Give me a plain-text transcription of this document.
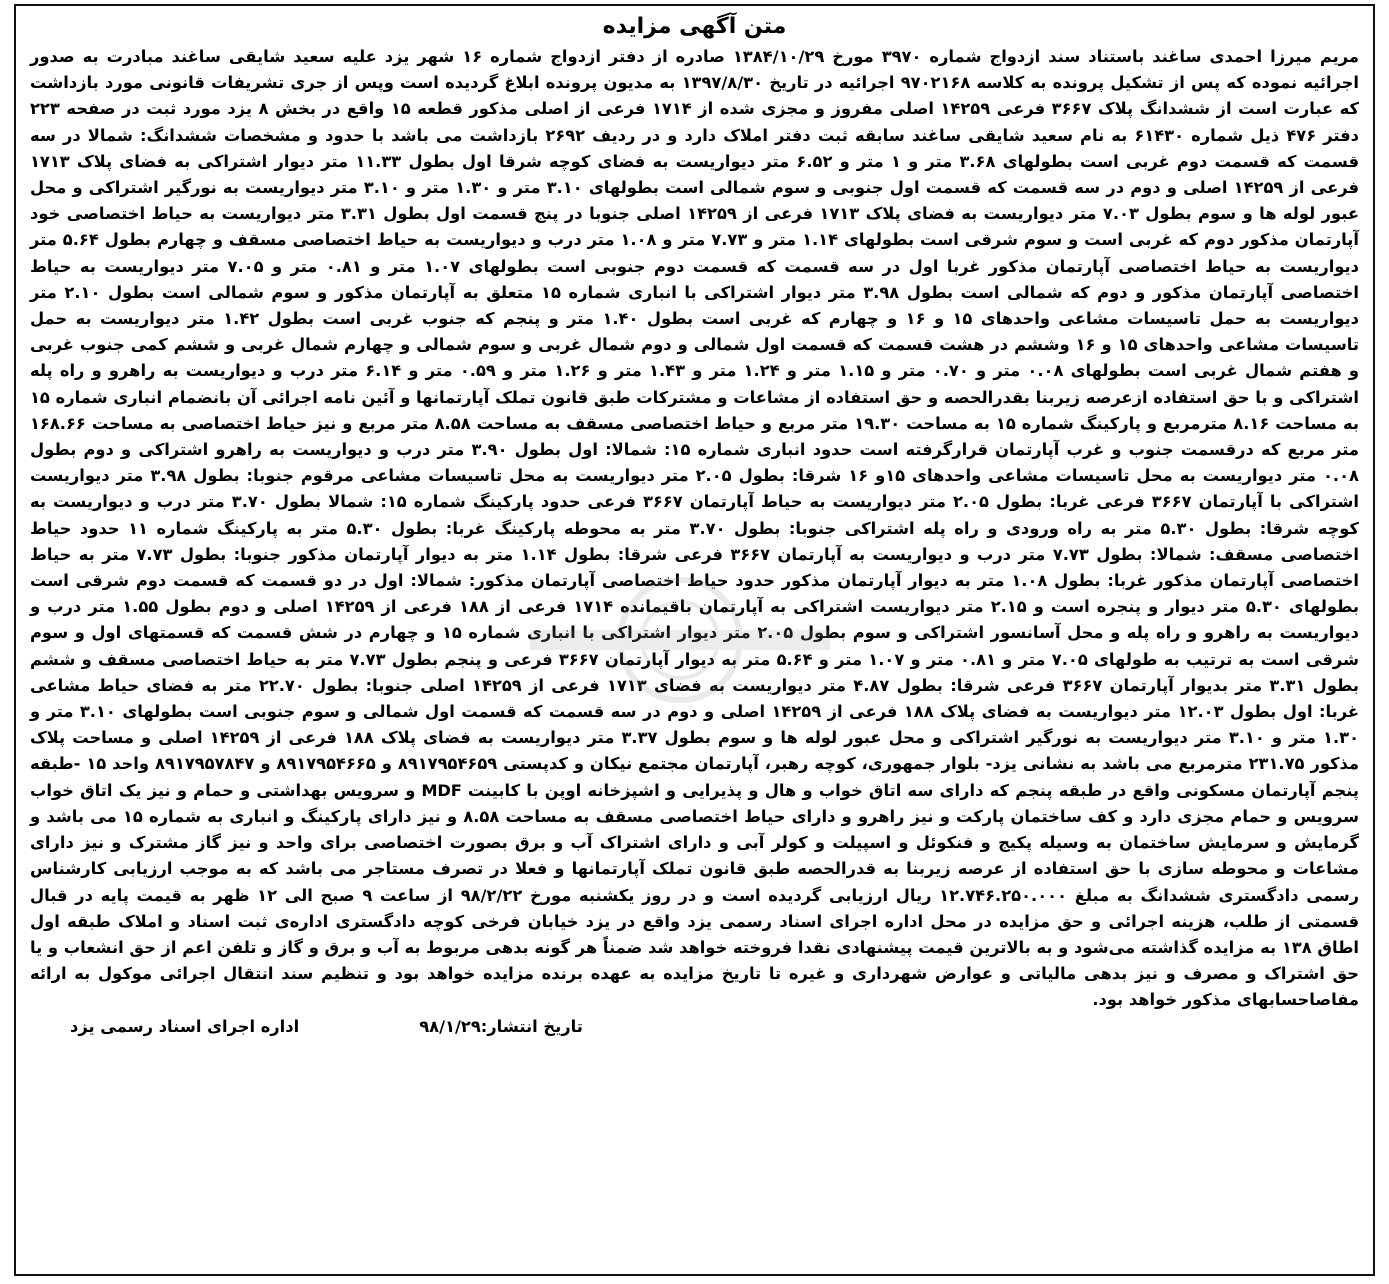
متن آگهی مزایده

مریم میرزا احمدی ساغند باستناد سند ازدواج شماره ۳۹۷۰ مورخ ۱۳۸۴/۱۰/۲۹ صادره از دفتر ازدواج شماره ۱۶ شهر یزد علیه سعید شایقی ساغند مبادرت به صدور اجرائیه نموده که پس از تشکیل پرونده به کلاسه ۹۷۰۲۱۶۸ اجرائیه در تاریخ ۱۳۹۷/۸/۳۰ به مدیون پرونده ابلاغ گردیده است وپس از جری تشریفات قانونی مورد بازداشت که عبارت است از ششدانگ پلاک ۳۶۶۷ فرعی ۱۴۲۵۹ اصلی مفروز و مجزی شده از ۱۷۱۴ فرعی از اصلی مذکور قطعه ۱۵ واقع در بخش ۸ یزد مورد ثبت در صفحه ۲۲۳ دفتر ۴۷۶ ذیل شماره ۶۱۴۳۰ به نام سعید شایقی ساغند سابقه ثبت دفتر املاک دارد و در ردیف ۲۶۹۲ بازداشت می باشد با حدود و مشخصات ششدانگ: شمالا در سه قسمت که قسمت دوم غربی است بطولهای ۳.۶۸ متر و ۱ متر و ۶.۵۲ متر دیواریست به فضای کوچه شرقا اول بطول ۱۱.۳۳ متر دیوار اشتراکی به فضای پلاک ۱۷۱۳ فرعی از ۱۴۲۵۹ اصلی و دوم در سه قسمت که قسمت اول جنوبی و سوم شمالی است بطولهای ۳.۱۰ متر و ۱.۳۰ متر و ۳.۱۰ متر دیواریست به نورگیر اشتراکی و محل عبور لوله ها و سوم بطول ۷.۰۳ متر دیواریست به فضای پلاک ۱۷۱۳ فرعی از ۱۴۲۵۹ اصلی جنوبا در پنج قسمت اول بطول ۳.۳۱ متر دیواریست به حیاط اختصاصی خود آپارتمان مذکور دوم که غربی است و سوم شرقی است بطولهای ۱.۱۴ متر و ۷.۷۳ متر و ۱.۰۸ متر درب و دیواریست به حیاط اختصاصی مسقف و چهارم بطول ۵.۶۴ متر دیواریست به حیاط اختصاصی آپارتمان مذکور غربا اول در سه قسمت که قسمت دوم جنوبی است بطولهای ۱.۰۷ متر و ۰.۸۱ متر و ۷.۰۵ متر دیواریست به حیاط اختصاصی آپارتمان مذکور و دوم که شمالی است بطول ۳.۹۸ متر دیوار اشتراکی با انباری شماره ۱۵ متعلق به آپارتمان مذکور و سوم شمالی است بطول ۲.۱۰ متر دیواریست به حمل تاسیسات مشاعی واحدهای ۱۵ و ۱۶ و چهارم که غربی است بطول ۱.۴۰ متر و پنجم که جنوب غربی است بطول ۱.۴۲ متر دیواریست به حمل تاسیسات مشاعی واحدهای ۱۵ و ۱۶ وششم در هشت قسمت که قسمت اول شمالی و دوم شمال غربی و سوم شمالی و چهارم شمال غربی و ششم کمی جنوب غربی و هفتم شمال غربی است بطولهای ۰.۰۸ متر و ۰.۷۰ متر و ۱.۱۵ متر و ۱.۲۴ متر و ۱.۴۳ متر و ۱.۲۶ متر و ۰.۵۹ متر و ۶.۱۴ متر درب و دیواریست به راهرو و راه پله اشتراکی و با حق استفاده ازعرصه زیربنا بقدرالحصه و حق استفاده از مشاعات و مشترکات طبق قانون تملک آپارتمانها و آئین نامه اجرائی آن بانضمام انباری شماره ۱۵ به مساحت ۸.۱۶ مترمربع و پارکینگ شماره ۱۵ به مساحت ۱۹.۳۰ متر مربع و حیاط اختصاصی مسقف به مساحت ۸.۵۸ متر مربع و نیز حیاط اختصاصی به مساحت ۱۶۸.۶۶ متر مربع که درقسمت جنوب و غرب آپارتمان قرارگرفته است حدود انباری شماره ۱۵: شمالا: اول بطول ۳.۹۰ متر درب و دیواریست به راهرو اشتراکی و دوم بطول ۰.۰۸ متر دیواریست به محل تاسیسات مشاعی واحدهای ۱۵و ۱۶ شرقا: بطول ۲.۰۵ متر دیواریست به محل تاسیسات مشاعی مرقوم جنوبا: بطول ۳.۹۸ متر دیواریست اشتراکی با آپارتمان ۳۶۶۷ فرعی غربا: بطول ۲.۰۵ متر دیواریست به حیاط آپارتمان ۳۶۶۷ فرعی حدود پارکینگ شماره ۱۵: شمالا بطول ۳.۷۰ متر درب و دیواریست به کوچه شرقا: بطول ۵.۳۰ متر به راه ورودی و راه پله اشتراکی جنوبا: بطول ۳.۷۰ متر به محوطه پارکینگ غربا: بطول ۵.۳۰ متر به پارکینگ شماره ۱۱ حدود حیاط اختصاصی مسقف: شمالا: بطول ۷.۷۳ متر درب و دیواریست به آپارتمان ۳۶۶۷ فرعی شرقا: بطول ۱.۱۴ متر به دیوار آپارتمان مذکور جنوبا: بطول ۷.۷۳ متر به حیاط اختصاصی آپارتمان مذکور غربا: بطول ۱.۰۸ متر به دیوار آپارتمان مذکور حدود حیاط اختصاصی آپارتمان مذکور: شمالا: اول در دو قسمت که قسمت دوم شرقی است بطولهای ۵.۳۰ متر دیوار و پنجره است و ۲.۱۵ متر دیواریست اشتراکی به آپارتمان باقیمانده ۱۷۱۴ فرعی از ۱۸۸ فرعی از ۱۴۲۵۹ اصلی و دوم بطول ۱.۵۵ متر درب و دیواریست به راهرو و راه پله و محل آسانسور اشتراکی و سوم بطول ۲.۰۵ متر دیوار اشتراکی با انباری شماره ۱۵ و چهارم در شش قسمت که قسمتهای اول و سوم شرقی است به ترتیب به طولهای ۷.۰۵ متر و ۰.۸۱ متر و ۱.۰۷ متر و ۵.۶۴ متر به دیوار آپارتمان ۳۶۶۷ فرعی و پنجم بطول ۷.۷۳ متر به حیاط اختصاصی مسقف و ششم بطول ۳.۳۱ متر بدیوار آپارتمان ۳۶۶۷ فرعی شرقا: بطول ۴.۸۷ متر دیواریست به فضای ۱۷۱۳ فرعی از ۱۴۲۵۹ اصلی جنوبا: بطول ۲۲.۷۰ متر به فضای حیاط مشاعی غربا: اول بطول ۱۲.۰۳ متر دیواریست به فضای پلاک ۱۸۸ فرعی از ۱۴۲۵۹ اصلی و دوم در سه قسمت که قسمت اول شمالی و سوم جنوبی است بطولهای ۳.۱۰ متر و ۱.۳۰ متر و ۳.۱۰ متر دیواریست به نورگیر اشتراکی و محل عبور لوله ها و سوم بطول ۳.۳۷ متر دیواریست به فضای پلاک ۱۸۸ فرعی از ۱۴۲۵۹ اصلی و مساحت پلاک مذکور ۲۳۱.۷۵ مترمربع می باشد به نشانی یزد- بلوار جمهوری، کوچه رهبر، آپارتمان مجتمع نیکان و کدپستی ۸۹۱۷۹۵۴۶۵۹ و ۸۹۱۷۹۵۴۶۶۵ و ۸۹۱۷۹۵۷۸۴۷ واحد ۱۵ -طبقه پنجم آپارتمان مسکونی واقع در طبقه پنجم که دارای سه اتاق خواب و هال و پذیرایی و اشپزخانه اوپن با کابینت MDF و سرویس بهداشتی و حمام و نیز یک اتاق خواب سرویس و حمام مجزی دارد و کف ساختمان پارکت و نیز راهرو و دارای حیاط اختصاصی مسقف به مساحت ۸.۵۸ و نیز دارای پارکینگ و انباری به شماره ۱۵ می باشد و گرمایش و سرمایش ساختمان به وسیله پکیج و فنکوئل و اسپیلت و کولر آبی و دارای اشتراک آب و برق بصورت اختصاصی برای واحد و نیز گاز مشترک و نیز دارای مشاعات و محوطه سازی با حق استفاده از عرصه زیربنا به قدرالحصه طبق قانون تملک آپارتمانها و فعلا در تصرف مستاجر می باشد که به موجب ارزیابی کارشناس رسمی دادگستری ششدانگ به مبلغ ۱۲.۷۴۶.۲۵۰.۰۰۰ ریال ارزیابی گردیده است و در روز یکشنبه مورخ ۹۸/۲/۲۲ از ساعت ۹ صبح الی ۱۲ ظهر به قیمت پایه در قبال قسمتی از طلب، هزینه اجرائی و حق مزایده در محل اداره اجرای اسناد رسمی یزد واقع در یزد خیابان فرخی کوچه دادگستری اداره‌ی ثبت اسناد و املاک طبقه اول اطاق ۱۳۸ به مزایده گذاشته می‌شود و به بالاترین قیمت پیشنهادی نقدا فروخته خواهد شد ضمناً هر گونه بدهی مربوط به آب و برق و گاز و تلفن اعم از حق انشعاب و یا حق اشتراک و مصرف و نیز بدهی مالیاتی و عوارض شهرداری و غیره تا تاریخ مزایده به عهده برنده مزایده خواهد بود و تنظیم سند انتقال اجرائی موکول به ارائه مفاصاحسابهای مذکور خواهد بود.

تاریخ انتشار:۹۸/۱/۲۹
اداره اجرای اسناد رسمی یزد
